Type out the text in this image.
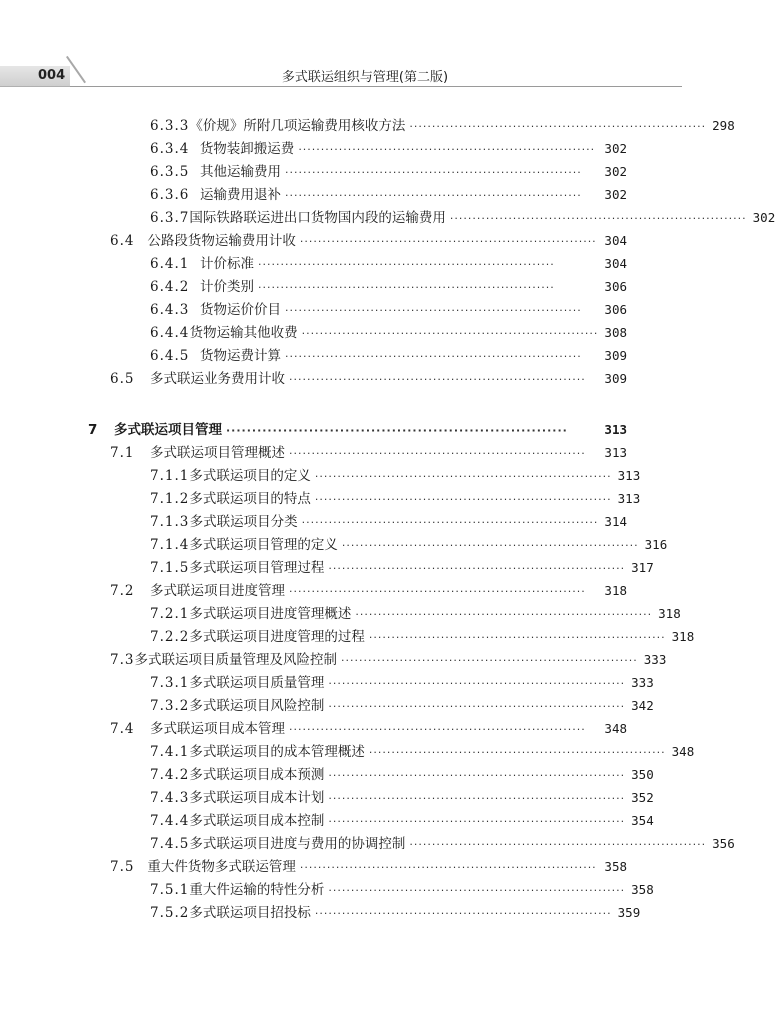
004	多式联运组织与管理(第二版)
6.3.3 《价规》所附几项运输费用核收方法 ·································································· 298
6.3.4 货物装卸搬运费 ·································································· 302
6.3.5 其他运输费用 ··································································	302
6.3.6 运输费用退补 ··································································	302
6.3.7 国际铁路联运进出口货物国内段的运输费用 ·································································· 302
6.4 公路段货物运输费用计收 ·································································· 304
6.4.1 计价标准 ··································································	304
6.4.2 计价类别 ··································································	306
6.4.3 货物运价价目 ··································································	306
6.4.4 货物运输其他收费 ·································································· 308
6.4.5 货物运费计算 ··································································	309
6.5	多式联运业务费用计收 ··································································	309
7	多式联运项目管理 ··································································	313
7.1	多式联运项目管理概述 ··································································	313
7.1.1 多式联运项目的定义 ·································································· 313
7.1.2 多式联运项目的特点 ·································································· 313
7.1.3 多式联运项目分类 ·································································· 314
7.1.4 多式联运项目管理的定义 ·································································· 316
7.1.5 多式联运项目管理过程 ·································································· 317
7.2	多式联运项目进度管理 ··································································	318
7.2.1 多式联运项目进度管理概述 ·································································· 318
7.2.2 多式联运项目进度管理的过程 ·································································· 318
7.3 多式联运项目质量管理及风险控制 ·································································· 333
7.3.1 多式联运项目质量管理 ·································································· 333
7.3.2 多式联运项目风险控制 ·································································· 342
7.4	多式联运项目成本管理 ··································································	348
7.4.1 多式联运项目的成本管理概述 ·································································· 348
7.4.2 多式联运项目成本预测 ·································································· 350
7.4.3 多式联运项目成本计划 ·································································· 352
7.4.4 多式联运项目成本控制 ·································································· 354
7.4.5 多式联运项目进度与费用的协调控制 ·································································· 356
7.5 重大件货物多式联运管理 ·································································· 358
7.5.1 重大件运输的特性分析 ·································································· 358
7.5.2 多式联运项目招投标 ·································································· 359
